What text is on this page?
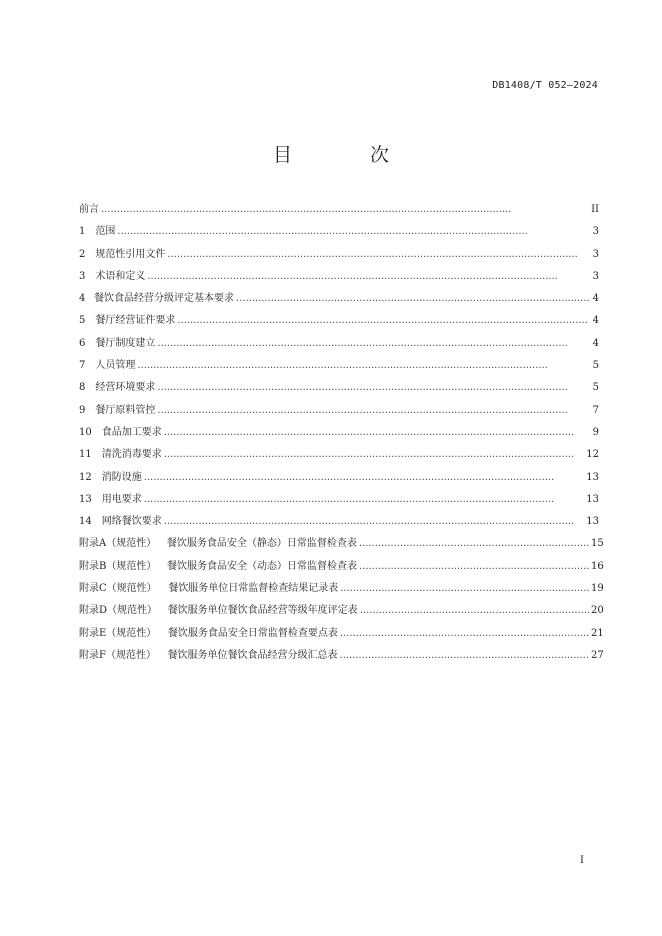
DB1408/T 052—2024
目 次
前言 . . .	II
1 范围 . . .	3
2 规范性引用文件 . . .	3
3 术语和定义 . . .	3
4 餐饮食品经营分级评定基本要求 . . .	4
5 餐厅经营证件要求 . . .	4
6 餐厅制度建立 . . .	4
7 人员管理 . . .	5
8 经营环境要求 . . .	5
9 餐厅原料管控 . . .	7
10 食品加工要求 . . .	9
11 清洗消毒要求 . . .	12
12 消防设施 . . .	13
13 用电要求 . . .	13
14 网络餐饮要求 . . .	13
附录A（规范性） 餐饮服务食品安全（静态）日常监督检查表 . . .	15
附录B（规范性） 餐饮服务食品安全（动态）日常监督检查表 . . .	16
附录C（规范性） 餐饮服务单位日常监督检查结果记录表 . . .	19
附录D（规范性） 餐饮服务单位餐饮食品经营等级年度评定表 . . .	20
附录E（规范性） 餐饮服务食品安全日常监督检查要点表 . . .	21
附录F（规范性） 餐饮服务单位餐饮食品经营分级汇总表 . . .	27
I
